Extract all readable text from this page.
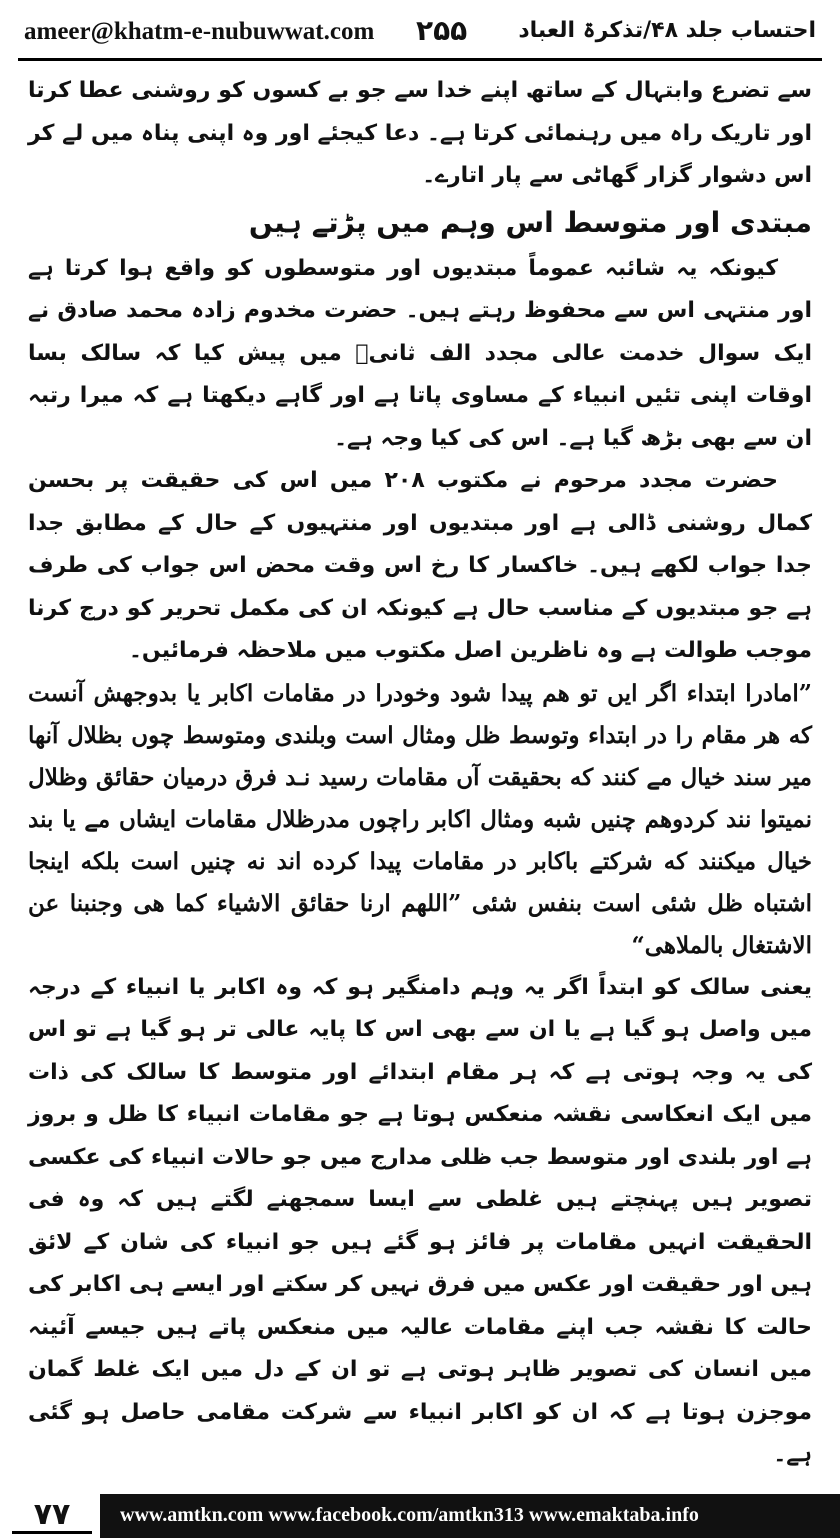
ameer@khatm-e-nubuwwat.com ۲۵۵ احتساب جلد ۴۸/تذکرۃ العباد

سے تضرع وابتہال کے ساتھ اپنے خدا سے جو بے کسوں کو روشنی عطا کرتا اور تاریک راہ میں رہنمائی کرتا ہے۔ دعا کیجئے اور وہ اپنی پناہ میں لے کر اس دشوار گزار گھاٹی سے پار اتارے۔

مبتدی اور متوسط اس وہم میں پڑتے ہیں

کیونکہ یہ شائبہ عموماً مبتدیوں اور متوسطوں کو واقع ہوا کرتا ہے اور منتہی اس سے محفوظ رہتے ہیں۔ حضرت مخدوم زادہ محمد صادق نے ایک سوال خدمت عالی مجدد الف ثانیؒ میں پیش کیا کہ سالک بسا اوقات اپنی تئیں انبیاء کے مساوی پاتا ہے اور گاہے دیکھتا ہے کہ میرا رتبہ ان سے بھی بڑھ گیا ہے۔ اس کی کیا وجہ ہے۔

حضرت مجدد مرحوم نے مکتوب ۲۰۸ میں اس کی حقیقت پر بحسن کمال روشنی ڈالی ہے اور مبتدیوں اور منتہیوں کے حال کے مطابق جدا جدا جواب لکھے ہیں۔ خاکسار کا رخ اس وقت محض اس جواب کی طرف ہے جو مبتدیوں کے مناسب حال ہے کیونکہ ان کی مکمل تحریر کو درج کرنا موجب طوالت ہے وہ ناظرین اصل مکتوب میں ملاحظہ فرمائیں۔

”امادرا ابتداء اگر ایں تو هم پیدا شود وخودرا در مقامات اکابر یا بدوجهش آنست که هر مقام را در ابتداء وتوسط ظل ومثال است وبلندی ومتوسط چوں بظلال آنها میر سند خیال مے کنند که بحقیقت آں مقامات رسید نـد فرق درمیان حقائق وظلال نمیتوا نند کردوهم چنیں شبه ومثال اکابر راچوں مدرظلال مقامات ایشاں مے یا بند خیال میکنند که شرکتے باکابر در مقامات پیدا کرده اند نه چنیں است بلکه اینجا اشتباه ظل شئی است بنفس شئی ”اللهم ارنا حقائق الاشیاء کما هی وجنبنا عن الاشتغال بالملاهی“

یعنی سالک کو ابتداً اگر یہ وہم دامنگیر ہو کہ وہ اکابر یا انبیاء کے درجہ میں واصل ہو گیا ہے یا ان سے بھی اس کا پایہ عالی تر ہو گیا ہے تو اس کی یہ وجہ ہوتی ہے کہ ہر مقام ابتدائے اور متوسط کا سالک کی ذات میں ایک انعکاسی نقشہ منعکس ہوتا ہے جو مقامات انبیاء کا ظل و بروز ہے اور بلندی اور متوسط جب ظلی مدارج میں جو حالات انبیاء کی عکسی تصویر ہیں پہنچتے ہیں غلطی سے ایسا سمجھنے لگتے ہیں کہ وہ فی الحقیقت انہیں مقامات پر فائز ہو گئے ہیں جو انبیاء کی شان کے لائق ہیں اور حقیقت اور عکس میں فرق نہیں کر سکتے اور ایسے ہی اکابر کی حالت کا نقشہ جب اپنے مقامات عالیہ میں منعکس پاتے ہیں جیسے آئینہ میں انسان کی تصویر ظاہر ہوتی ہے تو ان کے دل میں ایک غلط گمان موجزن ہوتا ہے کہ ان کو اکابر انبیاء سے شرکت مقامی حاصل ہو گئی ہے۔

۷۷	www.amtkn.com www.facebook.com/amtkn313 www.emaktaba.info
